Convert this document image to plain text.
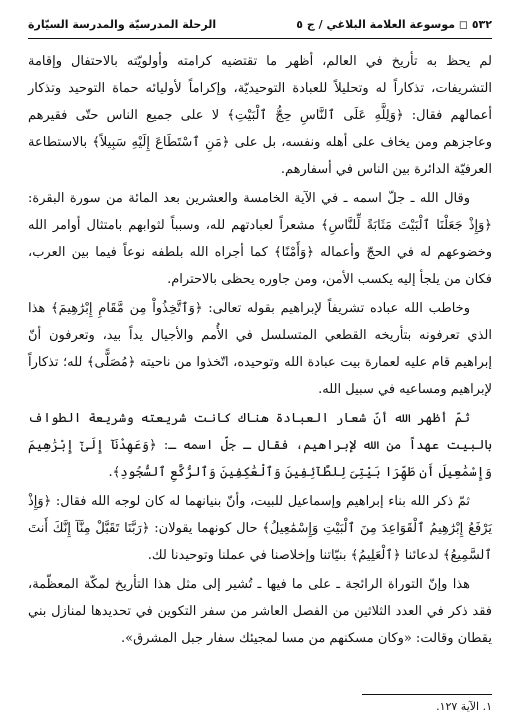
٥٣٢ ◻ موسوعة العلامة البلاغي / ج ٥
الرحلة المدرسيّة والمدرسة السيّارة

لم يحظ به تأريخ في العالم، أظهر ما تقتضيه كرامته وأولويّته بالاحتفال وإقامة التشريفات، تذكاراً له وتحليلاً للعبادة التوحيديّة، وإكراماً لأوليائه حماة التوحيد وتذكار أعمالهم فقال: ﴿وَلِلَّهِ عَلَى ٱلنَّاسِ حِجُّ ٱلْبَيْتِ﴾ لا على جميع الناس حتّى فقيرهم وعاجزهم ومن يخاف على أهله ونفسه، بل على ﴿مَنِ ٱسْتَطَاعَ إِلَيْهِ سَبِيلاً﴾ بالاستطاعة العرفيّة الدائرة بين الناس في أسفارهم.

وقال الله ـ جلّ اسمه ـ في الآية الخامسة والعشرين بعد المائة من سورة البقرة: ﴿وَإِذْ جَعَلْنَا ٱلْبَيْتَ مَثَابَةً لِّلنَّاسِ﴾ مشعراً لعبادتهم لله، وسبباً لثوابهم بامتثال أوامر الله وخضوعهم له في الحجّ وأعماله ﴿وَأَمْنًا﴾ كما أجراه الله بلطفه نوعاً فيما بين العرب، فكان من يلجأ إليه يكسب الأمن، ومن جاوره يحظى بالاحترام.

وخاطب الله عباده تشريفاً لإبراهيم بقوله تعالى: ﴿وَٱتَّخِذُواْ مِن مَّقَامِ إِبْرَٰهِيمَ﴾ هذا الذي تعرفونه بتأريخه القطعي المتسلسل في الأُمم والأجيال يداً بيد، وتعرفون أنّ إبراهيم قام عليه لعمارة بيت عبادة الله وتوحيده، اتّخذوا من ناحيته ﴿مُصَلًّى﴾ لله؛ تذكاراً لإبراهيم ومساعيه في سبيل الله.

ثمّ أظهر الله أنّ شعار العبادة هناك كانت شريعته وشريعة الطواف بالبيت عهداً من الله لإبراهيم، فقال ـ جلّ اسمه ـ: ﴿وَعَهِدْنَآ إِلَىٰٓ إِبْرَٰهِيمَ وَإِسْمَٰعِيلَ أَن طَهِّرَا بَيْتِىَ لِلطَّآئِفِينَ وَٱلْعَٰكِفِينَ وَٱلرُّكَّعِ ٱلسُّجُودِ﴾.

ثمّ ذكر الله بناء إبراهيم وإسماعيل للبيت، وأنّ بنيانهما له كان لوجه الله فقال: ﴿وَإِذْ يَرْفَعُ إِبْرَٰهِيمُ ٱلْقَوَاعِدَ مِنَ ٱلْبَيْتِ وَإِسْمَٰعِيلُ﴾ حال كونهما يقولان: ﴿رَبَّنَا تَقَبَّلْ مِنَّآ إِنَّكَ أَنتَ ٱلسَّمِيعُ﴾ لدعائنا ﴿ٱلْعَلِيمُ﴾ بنيّاتنا وإخلاصنا في عملنا وتوحيدنا لك.

هذا وإنّ التوراة الرائجة ـ على ما فيها ـ تُشير إلى مثل هذا التأريخ لمكّة المعظّمة، فقد ذكر في العدد الثلاثين من الفصل العاشر من سفر التكوين في تحديدها لمنازل بني يقطان وقالت: «وكان مسكنهم من مسا لمجيئك سفار جبل المشرق».

١. الآية ١٢٧.
